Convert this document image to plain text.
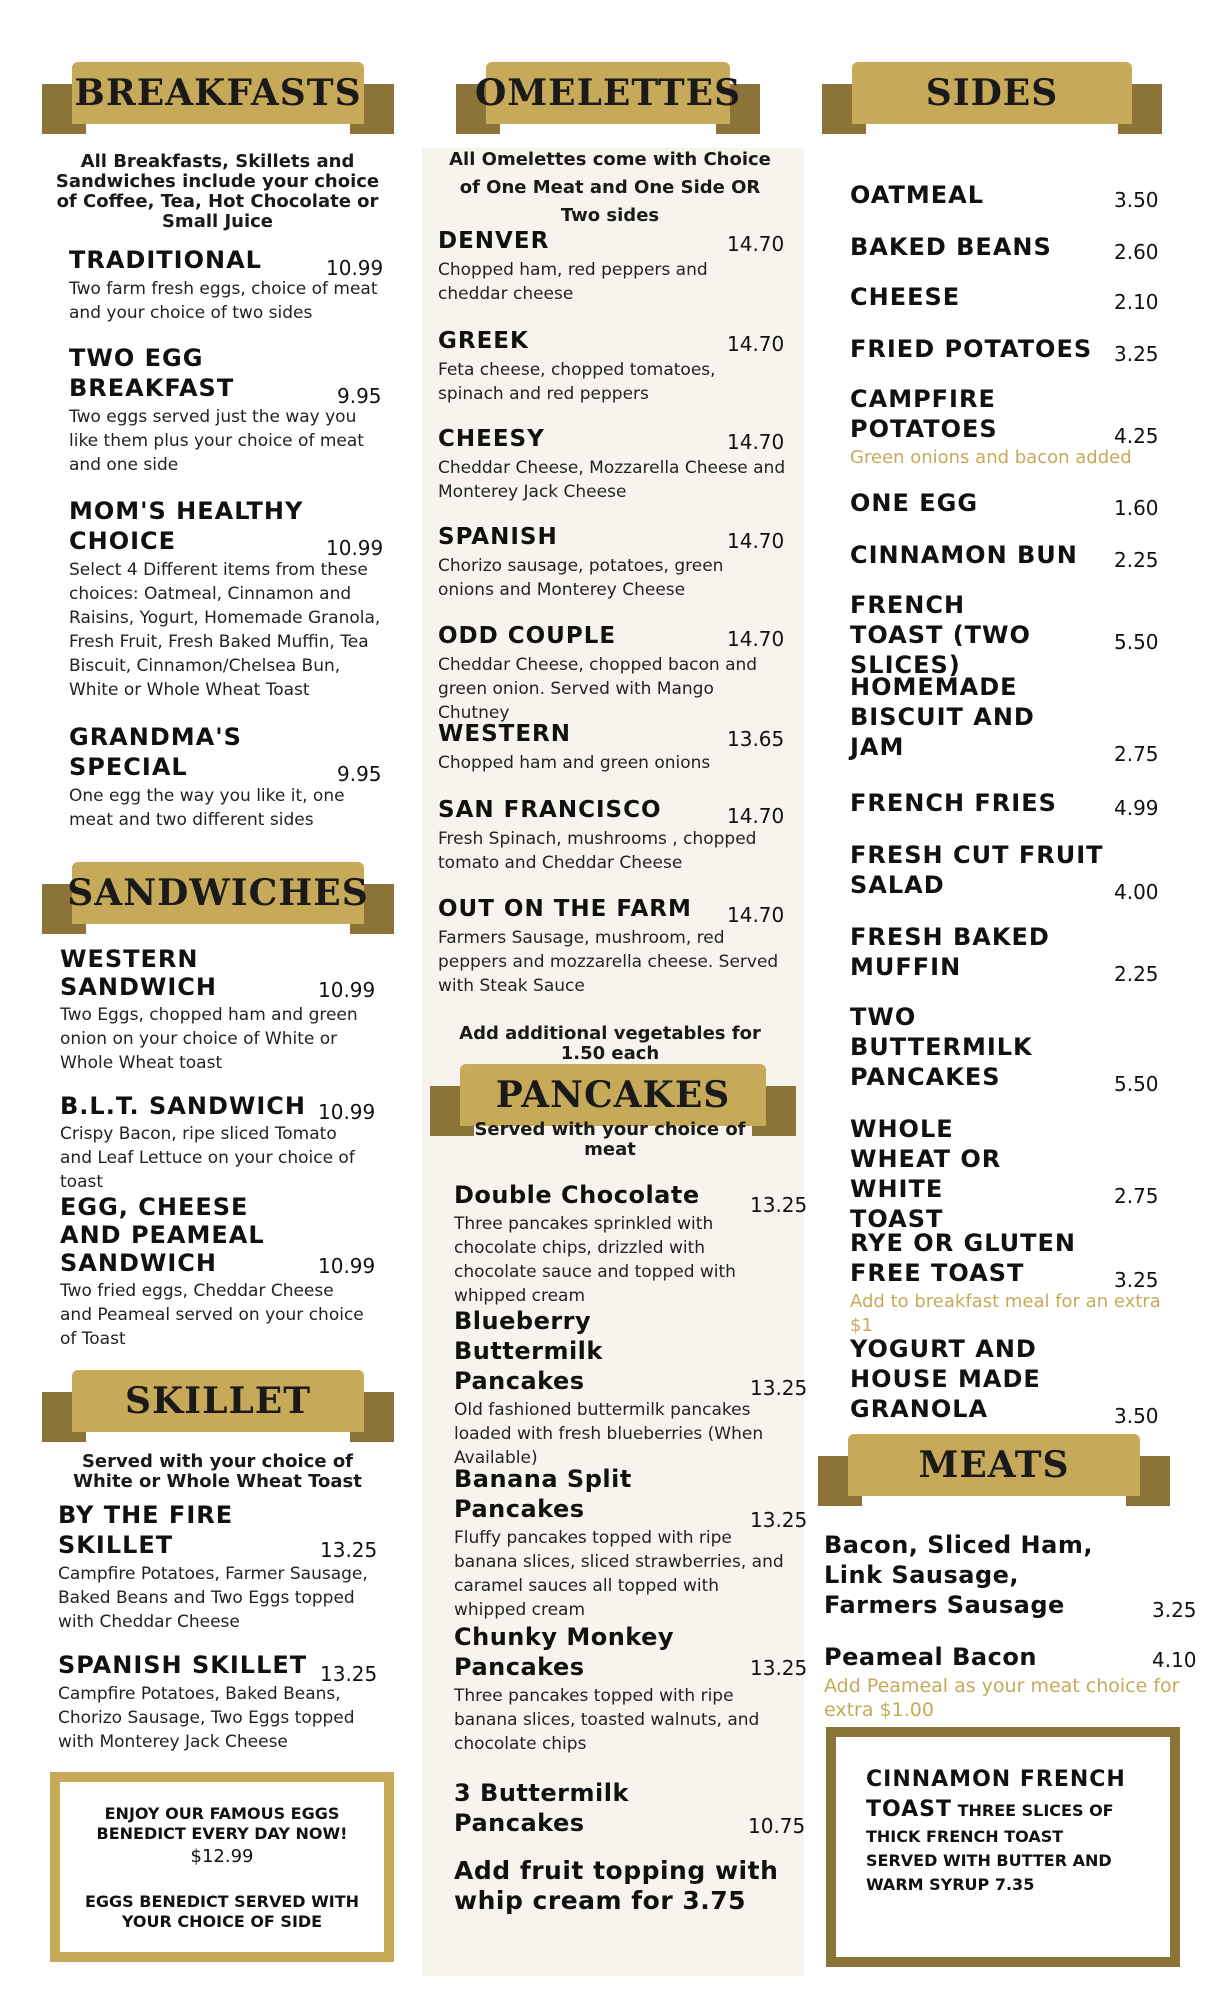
BREAKFASTS
All Breakfasts, Skillets and Sandwiches include your choice of Coffee, Tea, Hot Chocolate or Small Juice
TRADITIONAL
Two farm fresh eggs, choice of meat and your choice of two sides
10.99
TWO EGG BREAKFAST
Two eggs served just the way you like them plus your choice of meat and one side
9.95
MOM'S HEALTHY CHOICE
Select 4 Different items from these choices: Oatmeal, Cinnamon and Raisins, Yogurt, Homemade Granola, Fresh Fruit, Fresh Baked Muffin, Tea Biscuit, Cinnamon/Chelsea Bun, White or Whole Wheat Toast
10.99
GRANDMA'S SPECIAL
One egg the way you like it, one meat and two different sides
9.95
SANDWICHES
WESTERN SANDWICH
Two Eggs, chopped ham and green onion on your choice of White or Whole Wheat toast
10.99
B.L.T. SANDWICH
Crispy Bacon, ripe sliced Tomato and Leaf Lettuce on your choice of toast
10.99
EGG, CHEESE AND PEAMEAL SANDWICH
Two fried eggs, Cheddar Cheese and Peameal served on your choice of Toast
10.99
SKILLET
Served with your choice of White or Whole Wheat Toast
BY THE FIRE SKILLET
Campfire Potatoes, Farmer Sausage, Baked Beans and Two Eggs topped with Cheddar Cheese
13.25
SPANISH SKILLET
Campfire Potatoes, Baked Beans, Chorizo Sausage, Two Eggs topped with Monterey Jack Cheese
13.25
ENJOY OUR FAMOUS EGGS BENEDICT EVERY DAY NOW!
$12.99
EGGS BENEDICT SERVED WITH YOUR CHOICE OF SIDE
OMELETTES
All Omelettes come with Choice of One Meat and One Side OR Two sides
DENVER
Chopped ham, red peppers and cheddar cheese
14.70
GREEK
Feta cheese, chopped tomatoes, spinach and red peppers
14.70
CHEESY
Cheddar Cheese, Mozzarella Cheese and Monterey Jack Cheese
14.70
SPANISH
Chorizo sausage, potatoes, green onions and Monterey Cheese
14.70
ODD COUPLE
Cheddar Cheese, chopped bacon and green onion. Served with Mango Chutney
14.70
WESTERN
Chopped ham and green onions
13.65
SAN FRANCISCO
Fresh Spinach, mushrooms , chopped tomato and Cheddar Cheese
14.70
OUT ON THE FARM
Farmers Sausage, mushroom, red peppers and mozzarella cheese. Served with Steak Sauce
14.70
Add additional vegetables for 1.50 each
PANCAKES
Served with your choice of meat
Double Chocolate
Three pancakes sprinkled with chocolate chips, drizzled with chocolate sauce and topped with whipped cream
13.25
Blueberry Buttermilk Pancakes
Old fashioned buttermilk pancakes loaded with fresh blueberries (When Available)
13.25
Banana Split Pancakes
Fluffy pancakes topped with ripe banana slices, sliced strawberries, and caramel sauces all topped with whipped cream
13.25
Chunky Monkey Pancakes
Three pancakes topped with ripe banana slices, toasted walnuts, and chocolate chips
13.25
3 Buttermilk Pancakes	10.75
Add fruit topping with whip cream for 3.75
SIDES
OATMEAL	3.50
BAKED BEANS	2.60
CHEESE	2.10
FRIED POTATOES	3.25
CAMPFIRE POTATOES
Green onions and bacon added
4.25
ONE EGG	1.60
CINNAMON BUN	2.25
FRENCH TOAST (TWO SLICES)
5.50
HOMEMADE BISCUIT AND JAM	2.75
FRENCH FRIES	4.99
FRESH CUT FRUIT SALAD	4.00
FRESH BAKED MUFFIN	2.25
TWO BUTTERMILK PANCAKES	5.50
WHOLE WHEAT OR WHITE TOAST
2.75
RYE OR GLUTEN FREE TOAST
Add to breakfast meal for an extra $1
3.25
YOGURT AND HOUSE MADE GRANOLA	3.50
MEATS
Bacon, Sliced Ham, Link Sausage, Farmers Sausage	3.25
Peameal Bacon
Add Peameal as your meat choice for extra $1.00
4.10
CINNAMON FRENCH TOAST THREE SLICES OF THICK FRENCH TOAST SERVED WITH BUTTER AND WARM SYRUP 7.35
